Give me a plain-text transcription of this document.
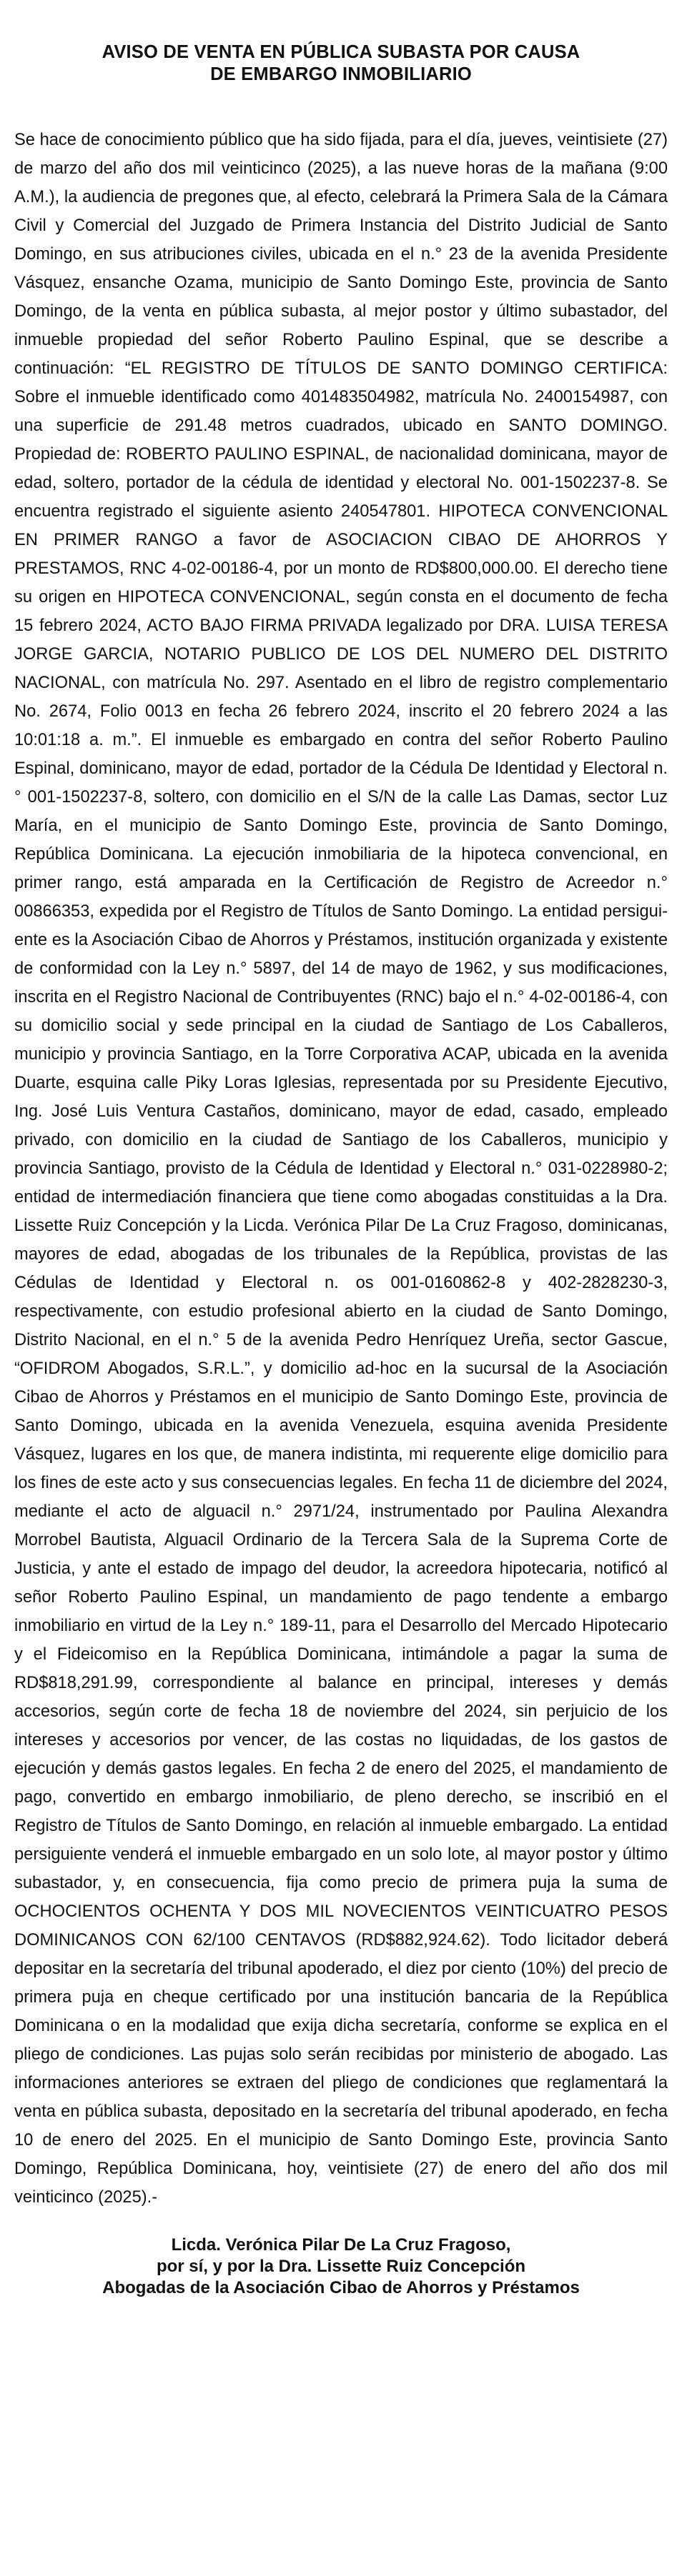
AVISO DE VENTA EN PÚBLICA SUBASTA POR CAUSA
DE EMBARGO INMOBILIARIO

Se hace de conocimiento público que ha sido fijada, para el día, jueves, veintisiete (27) de marzo del año dos mil veinticinco (2025), a las nueve horas de la mañana (9:00 A.M.), la audiencia de pregones que, al efecto, celebrará la Primera Sala de la Cámara Civil y Comercial del Juzgado de Primera Instancia del Distrito Judicial de Santo Domingo, en sus atribuciones civiles, ubicada en el n.° 23 de la avenida Presidente Vásquez, ensanche Ozama, municipio de Santo Domingo Este, provincia de Santo Domingo, de la venta en pública subasta, al mejor postor y último subastador, del inmueble propiedad del señor Roberto Paulino Espinal, que se describe a continuación: “EL REGISTRO DE TÍTULOS DE SANTO DOMINGO CERTIFICA: Sobre el inmueble identificado como 401483504982, matrícula No. 2400154987, con una superficie de 291.48 metros cuadrados, ubicado en SANTO DOMINGO. Propiedad de: ROBERTO PAULINO ESPINAL, de nacionalidad dominicana, mayor de edad, soltero, portador de la cédula de identidad y electoral No. 001-1502237-8. Se encuentra registrado el siguiente asiento 240547801. HIPOTECA CONVENCIONAL EN PRIMER RANGO a favor de ASOCIACION CIBAO DE AHORROS Y PRESTAMOS, RNC 4-02-00186-4, por un monto de RD$800,000.00. El derecho tiene su origen en HIPOTECA CONVENCIONAL, según consta en el documento de fecha 15 febrero 2024, ACTO BAJO FIRMA PRIVADA legalizado por DRA. LUISA TERESA JORGE GARCIA, NOTARIO PUBLICO DE LOS DEL NUMERO DEL DISTRITO NACIONAL, con matrícula No. 297. Asentado en el libro de registro complementario No. 2674, Folio 0013 en fecha 26 febrero 2024, inscrito el 20 febrero 2024 a las 10:01:18 a. m.”. El inmueble es embargado en contra del señor Roberto Paulino Espinal, dominicano, mayor de edad, portador de la Cédula De Identidad y Electoral n.° 001-1502237-8, soltero, con domicilio en el S/N de la calle Las Damas, sector Luz María, en el municipio de Santo Domingo Este, provincia de Santo Domingo, República Dominicana. La ejecución inmobiliaria de la hipoteca convencional, en primer rango, está amparada en la Certificación de Registro de Acreedor n.° 00866353, expedida por el Registro de Títulos de Santo Domingo. La entidad persiguiente es la Asociación Cibao de Ahorros y Préstamos, institución organizada y existente de conformidad con la Ley n.° 5897, del 14 de mayo de 1962, y sus modificaciones, inscrita en el Registro Nacional de Contribuyentes (RNC) bajo el n.° 4-02-00186-4, con su domicilio social y sede principal en la ciudad de Santiago de Los Caballeros, municipio y provincia Santiago, en la Torre Corporativa ACAP, ubicada en la avenida Duarte, esquina calle Piky Loras Iglesias, representada por su Presidente Ejecutivo, Ing. José Luis Ventura Castaños, dominicano, mayor de edad, casado, empleado privado, con domicilio en la ciudad de Santiago de los Caballeros, municipio y provincia Santiago, provisto de la Cédula de Identidad y Electoral n.° 031-0228980-2; entidad de intermediación financiera que tiene como abogadas constituidas a la Dra. Lissette Ruiz Concepción y la Licda. Verónica Pilar De La Cruz Fragoso, dominicanas, mayores de edad, abogadas de los tribunales de la República, provistas de las Cédulas de Identidad y Electoral n. os 001-0160862-8 y 402-2828230-3, respectivamente, con estudio profesional abierto en la ciudad de Santo Domingo, Distrito Nacional, en el n.° 5 de la avenida Pedro Henríquez Ureña, sector Gascue, “OFIDROM Abogados, S.R.L.”, y domicilio ad-hoc en la sucursal de la Asociación Cibao de Ahorros y Préstamos en el municipio de Santo Domingo Este, provincia de Santo Domingo, ubicada en la avenida Venezuela, esquina avenida Presidente Vásquez, lugares en los que, de manera indistinta, mi requerente elige domicilio para los fines de este acto y sus consecuencias legales. En fecha 11 de diciembre del 2024, mediante el acto de alguacil n.° 2971/24, instrumentado por Paulina Alexandra Morrobel Bautista, Alguacil Ordinario de la Tercera Sala de la Suprema Corte de Justicia, y ante el estado de impago del deudor, la acreedora hipotecaria, notificó al señor Roberto Paulino Espinal, un mandamiento de pago tendente a embargo inmobiliario en virtud de la Ley n.° 189-11, para el Desarrollo del Mercado Hipotecario y el Fideicomiso en la República Dominicana, intimándole a pagar la suma de RD$818,291.99, correspondiente al balance en principal, intereses y demás accesorios, según corte de fecha 18 de noviembre del 2024, sin perjuicio de los intereses y accesorios por vencer, de las costas no liquidadas, de los gastos de ejecución y demás gastos legales. En fecha 2 de enero del 2025, el mandamiento de pago, convertido en embargo inmobiliario, de pleno derecho, se inscribió en el Registro de Títulos de Santo Domingo, en relación al inmueble embargado. La entidad persiguiente venderá el inmueble embargado en un solo lote, al mayor postor y último subastador, y, en consecuencia, fija como precio de primera puja la suma de OCHOCIENTOS OCHENTA Y DOS MIL NOVECIENTOS VEINTICUATRO PESOS DOMINICANOS CON 62/100 CENTAVOS (RD$882,924.62). Todo licitador deberá depositar en la secretaría del tribunal apoderado, el diez por ciento (10%) del precio de primera puja en cheque certificado por una institución bancaria de la República Dominicana o en la modalidad que exija dicha secretaría, conforme se explica en el pliego de condiciones. Las pujas solo serán recibidas por ministerio de abogado. Las informaciones anteriores se extraen del pliego de condiciones que reglamentará la venta en pública subasta, depositado en la secretaría del tribunal apoderado, en fecha 10 de enero del 2025. En el municipio de Santo Domingo Este, provincia Santo Domingo, República Dominicana, hoy, veintisiete (27) de enero del año dos mil veinticinco (2025).-

Licda. Verónica Pilar De La Cruz Fragoso,
por sí, y por la Dra. Lissette Ruiz Concepción
Abogadas de la Asociación Cibao de Ahorros y Préstamos
